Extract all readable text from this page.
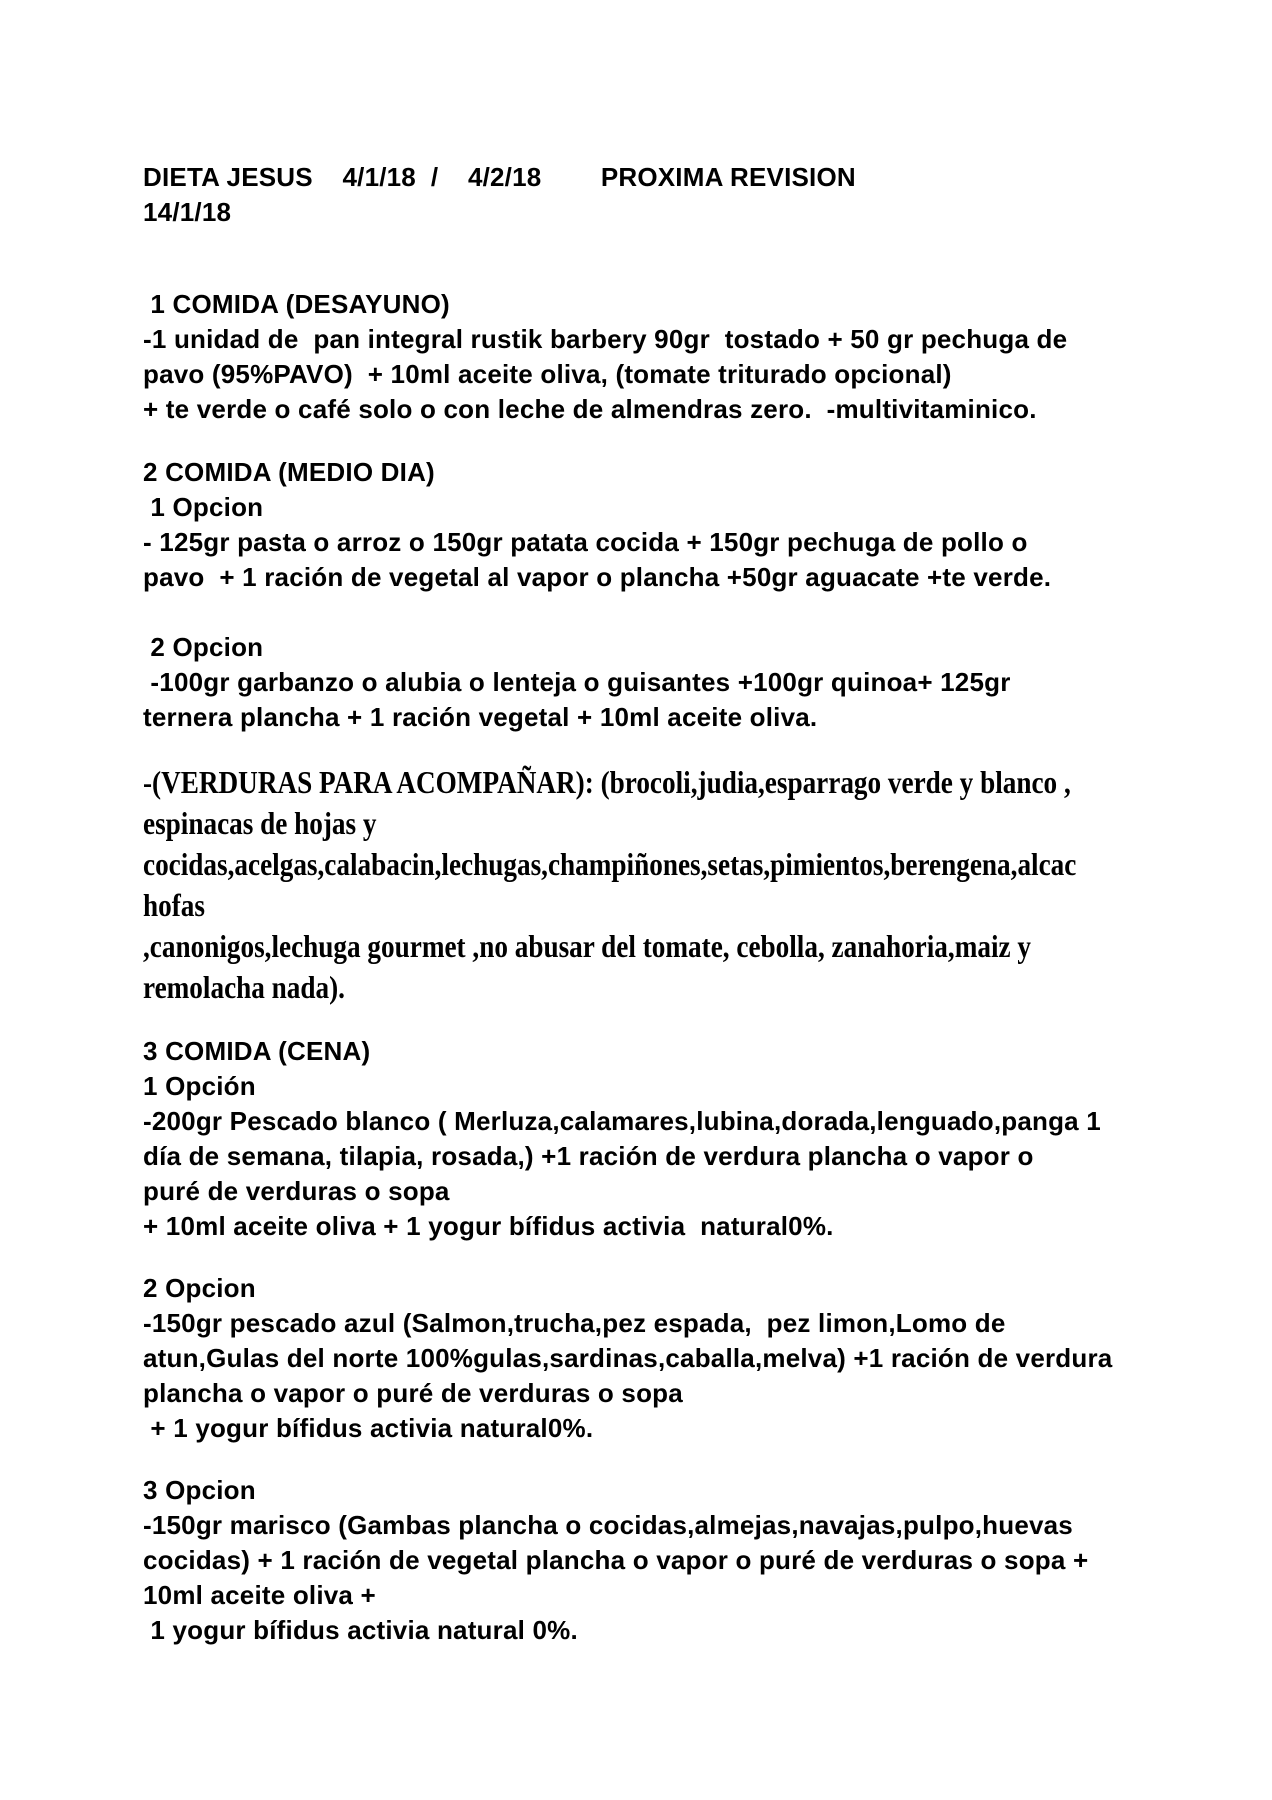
DIETA JESUS    4/1/18  /    4/2/18        PROXIMA REVISION
14/1/18
1 COMIDA (DESAYUNO)
-1 unidad de  pan integral rustik barbery 90gr  tostado + 50 gr pechuga de
pavo (95%PAVO)  + 10ml aceite oliva, (tomate triturado opcional)
+ te verde o café solo o con leche de almendras zero.  -multivitaminico.
2 COMIDA (MEDIO DIA)
1 Opcion
- 125gr pasta o arroz o 150gr patata cocida + 150gr pechuga de pollo o
pavo  + 1 ración de vegetal al vapor o plancha +50gr aguacate +te verde.
2 Opcion
-100gr garbanzo o alubia o lenteja o guisantes +100gr quinoa+ 125gr
ternera plancha + 1 ración vegetal + 10ml aceite oliva.
-(VERDURAS PARA ACOMPAÑAR): (brocoli,judia,esparrago verde y blanco ,
espinacas de hojas y
cocidas,acelgas,calabacin,lechugas,champiñones,setas,pimientos,berengena,alcac
hofas
,canonigos,lechuga gourmet ,no abusar del tomate, cebolla, zanahoria,maiz y
remolacha nada).
3 COMIDA (CENA)
1 Opción
-200gr Pescado blanco ( Merluza,calamares,lubina,dorada,lenguado,panga 1
día de semana, tilapia, rosada,) +1 ración de verdura plancha o vapor o
puré de verduras o sopa
+ 10ml aceite oliva + 1 yogur bífidus activia  natural0%.
2 Opcion
-150gr pescado azul (Salmon,trucha,pez espada,  pez limon,Lomo de
atun,Gulas del norte 100%gulas,sardinas,caballa,melva) +1 ración de verdura
plancha o vapor o puré de verduras o sopa
+ 1 yogur bífidus activia natural0%.
3 Opcion
-150gr marisco (Gambas plancha o cocidas,almejas,navajas,pulpo,huevas
cocidas) + 1 ración de vegetal plancha o vapor o puré de verduras o sopa +
10ml aceite oliva +
1 yogur bífidus activia natural 0%.
